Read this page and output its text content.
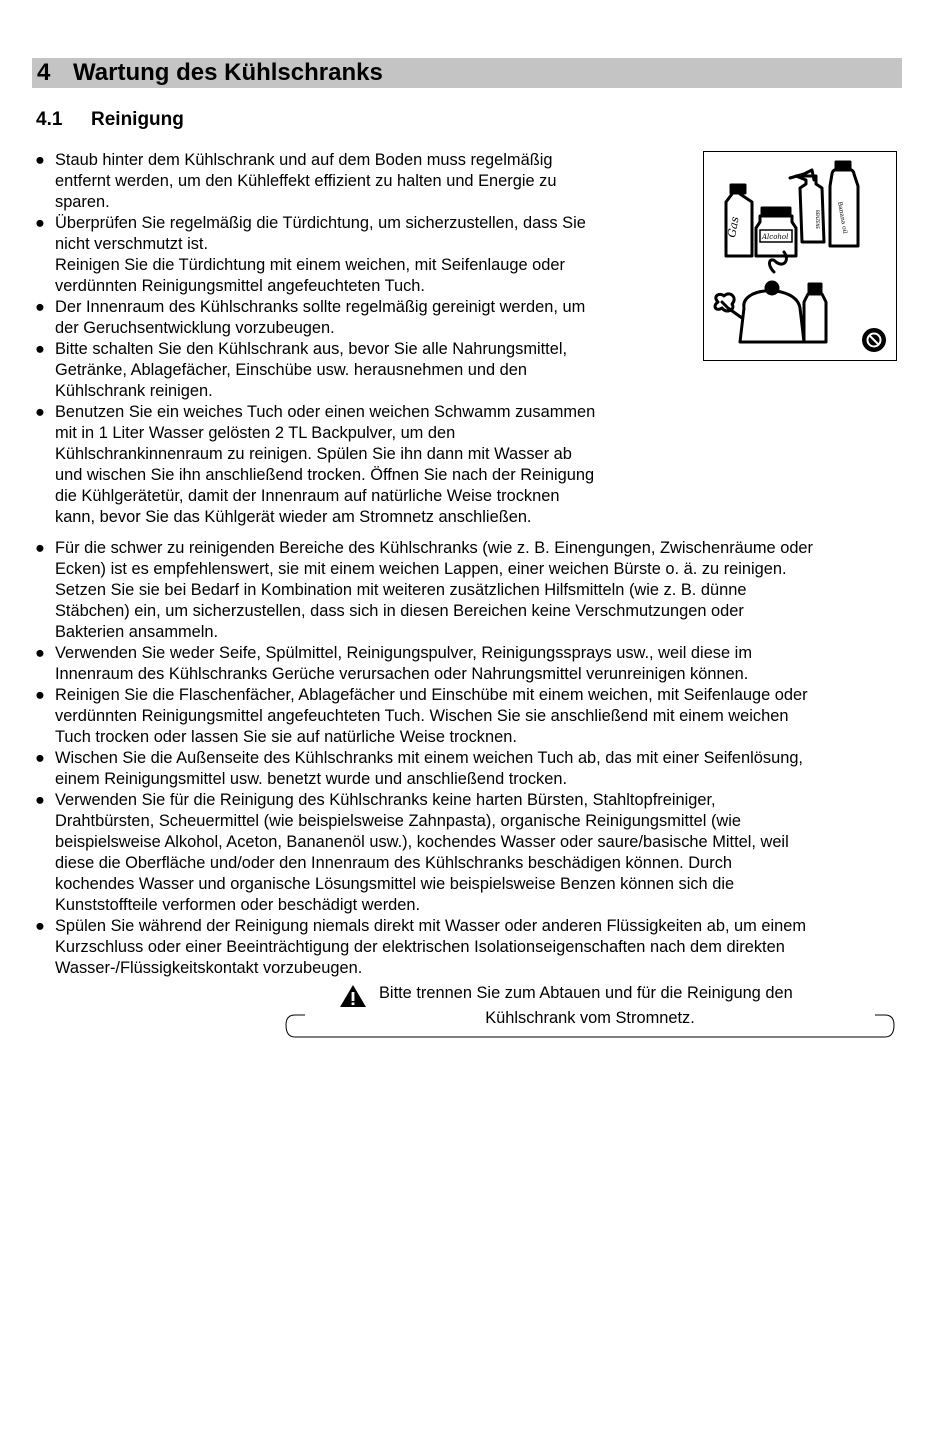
4 Wartung des Kühlschranks
4.1 Reinigung
● Staub hinter dem Kühlschrank und auf dem Boden muss regelmäßig
entfernt werden, um den Kühleffekt effizient zu halten und Energie zu
sparen.

● Überprüfen Sie regelmäßig die Türdichtung, um sicherzustellen, dass Sie
nicht verschmutzt ist.
Reinigen Sie die Türdichtung mit einem weichen, mit Seifenlauge oder
verdünnten Reinigungsmittel angefeuchteten Tuch.

● Der Innenraum des Kühlschranks sollte regelmäßig gereinigt werden, um
der Geruchsentwicklung vorzubeugen.

● Bitte schalten Sie den Kühlschrank aus, bevor Sie alle Nahrungsmittel,
Getränke, Ablagefächer, Einschübe usw. herausnehmen und den
Kühlschrank reinigen.

● Benutzen Sie ein weiches Tuch oder einen weichen Schwamm zusammen
mit in 1 Liter Wasser gelösten 2 TL Backpulver, um den
Kühlschrankinnenraum zu reinigen. Spülen Sie ihn dann mit Wasser ab
und wischen Sie ihn anschließend trocken. Öffnen Sie nach der Reinigung
die Kühlgerätetür, damit der Innenraum auf natürliche Weise trocknen
kann, bevor Sie das Kühlgerät wieder am Stromnetz anschließen.

Gas	Alcohol
BENZENE	Banana oil
● Für die schwer zu reinigenden Bereiche des Kühlschranks (wie z. B. Einengungen, Zwischenräume oder
Ecken) ist es empfehlenswert, sie mit einem weichen Lappen, einer weichen Bürste o. ä. zu reinigen.
Setzen Sie sie bei Bedarf in Kombination mit weiteren zusätzlichen Hilfsmitteln (wie z. B. dünne
Stäbchen) ein, um sicherzustellen, dass sich in diesen Bereichen keine Verschmutzungen oder
Bakterien ansammeln.

● Verwenden Sie weder Seife, Spülmittel, Reinigungspulver, Reinigungssprays usw., weil diese im
Innenraum des Kühlschranks Gerüche verursachen oder Nahrungsmittel verunreinigen können.

● Reinigen Sie die Flaschenfächer, Ablagefächer und Einschübe mit einem weichen, mit Seifenlauge oder
verdünnten Reinigungsmittel angefeuchteten Tuch. Wischen Sie sie anschließend mit einem weichen
Tuch trocken oder lassen Sie sie auf natürliche Weise trocknen.

● Wischen Sie die Außenseite des Kühlschranks mit einem weichen Tuch ab, das mit einer Seifenlösung,
einem Reinigungsmittel usw. benetzt wurde und anschließend trocken.

● Verwenden Sie für die Reinigung des Kühlschranks keine harten Bürsten, Stahltopfreiniger,
Drahtbürsten, Scheuermittel (wie beispielsweise Zahnpasta), organische Reinigungsmittel (wie
beispielsweise Alkohol, Aceton, Bananenöl usw.), kochendes Wasser oder saure/basische Mittel, weil
diese die Oberfläche und/oder den Innenraum des Kühlschranks beschädigen können. Durch
kochendes Wasser und organische Lösungsmittel wie beispielsweise Benzen können sich die
Kunststoffteile verformen oder beschädigt werden.

● Spülen Sie während der Reinigung niemals direkt mit Wasser oder anderen Flüssigkeiten ab, um einem
Kurzschluss oder einer Beeinträchtigung der elektrischen Isolationseigenschaften nach dem direkten
Wasser-/Flüssigkeitskontakt vorzubeugen.

Bitte trennen Sie zum Abtauen und für die Reinigung den
Kühlschrank vom Stromnetz.
